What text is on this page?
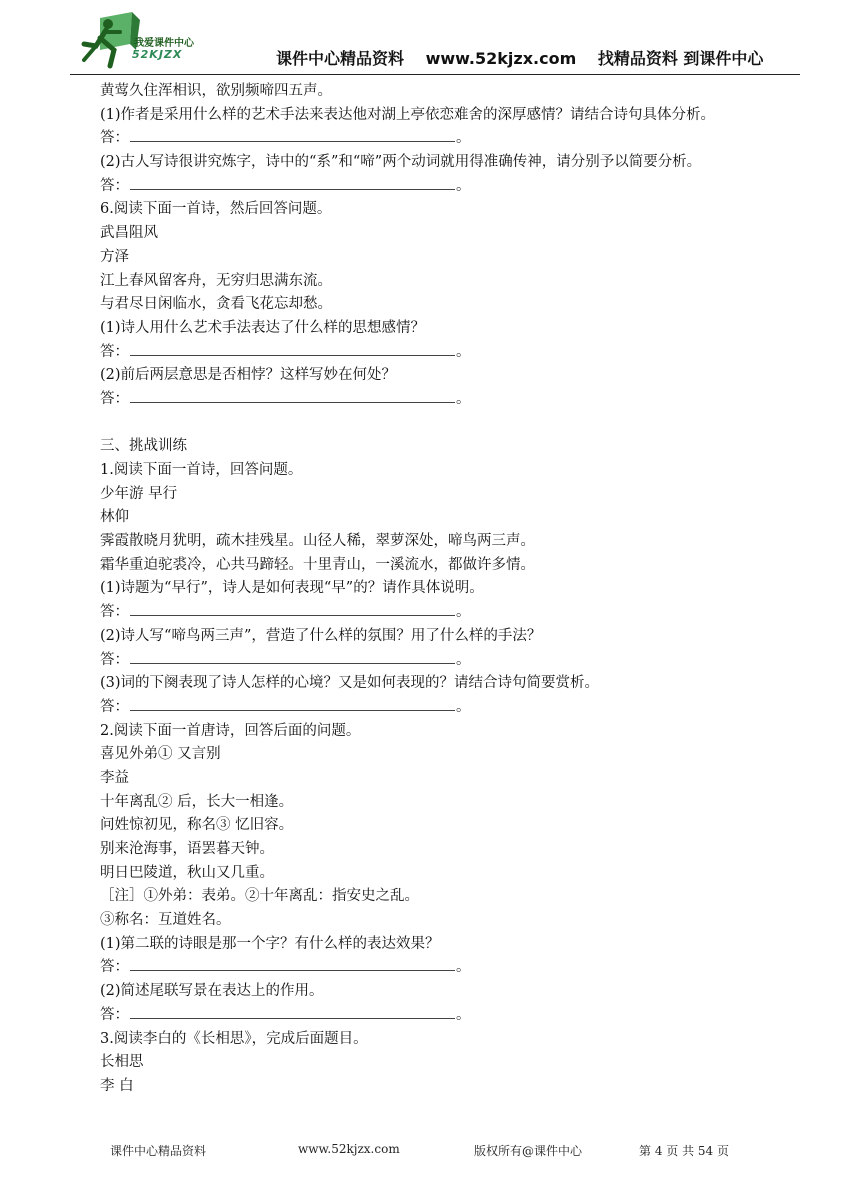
我爱课件中心
52KJZX	课件中心精品资料 www.52kjzx.com 找精品资料 到课件中心
黄莺久住浑相识，欲别频啼四五声。
(1)作者是采用什么样的艺术手法来表达他对湖上亭依恋难舍的深厚感情？请结合诗句具体分析。
答：	。
(2)古人写诗很讲究炼字，诗中的“系”和“啼”两个动词就用得准确传神，请分别予以简要分析。
答：	。
6.阅读下面一首诗，然后回答问题。
武昌阻风
方泽
江上春风留客舟，无穷归思满东流。
与君尽日闲临水，贪看飞花忘却愁。
(1)诗人用什么艺术手法表达了什么样的思想感情？
答：	。
(2)前后两层意思是否相悖？这样写妙在何处？
答：	。
三、挑战训练
1.阅读下面一首诗，回答问题。
少年游 早行
林仰
霁霞散晓月犹明，疏木挂残星。山径人稀，翠萝深处，啼鸟两三声。
霜华重迫驼裘冷，心共马蹄轻。十里青山，一溪流水，都做许多情。
(1)诗题为“早行”，诗人是如何表现“早”的？请作具体说明。
答：	。
(2)诗人写“啼鸟两三声”，营造了什么样的氛围？用了什么样的手法？
答：	。
(3)词的下阕表现了诗人怎样的心境？又是如何表现的？请结合诗句简要赏析。
答：	。
2.阅读下面一首唐诗，回答后面的问题。
喜见外弟① 又言别
李益
十年离乱② 后，长大一相逢。
问姓惊初见，称名③ 忆旧容。
别来沧海事，语罢暮天钟。
明日巴陵道，秋山又几重。
［注］①外弟：表弟。②十年离乱：指安史之乱。
③称名：互道姓名。
(1)第二联的诗眼是那一个字？有什么样的表达效果？
答：	。
(2)简述尾联写景在表达上的作用。
答：	。
3.阅读李白的《长相思》，完成后面题目。
长相思
李 白
课件中心精品资料	www.52kjzx.com	版权所有@课件中心	第 4 页 共 54 页
